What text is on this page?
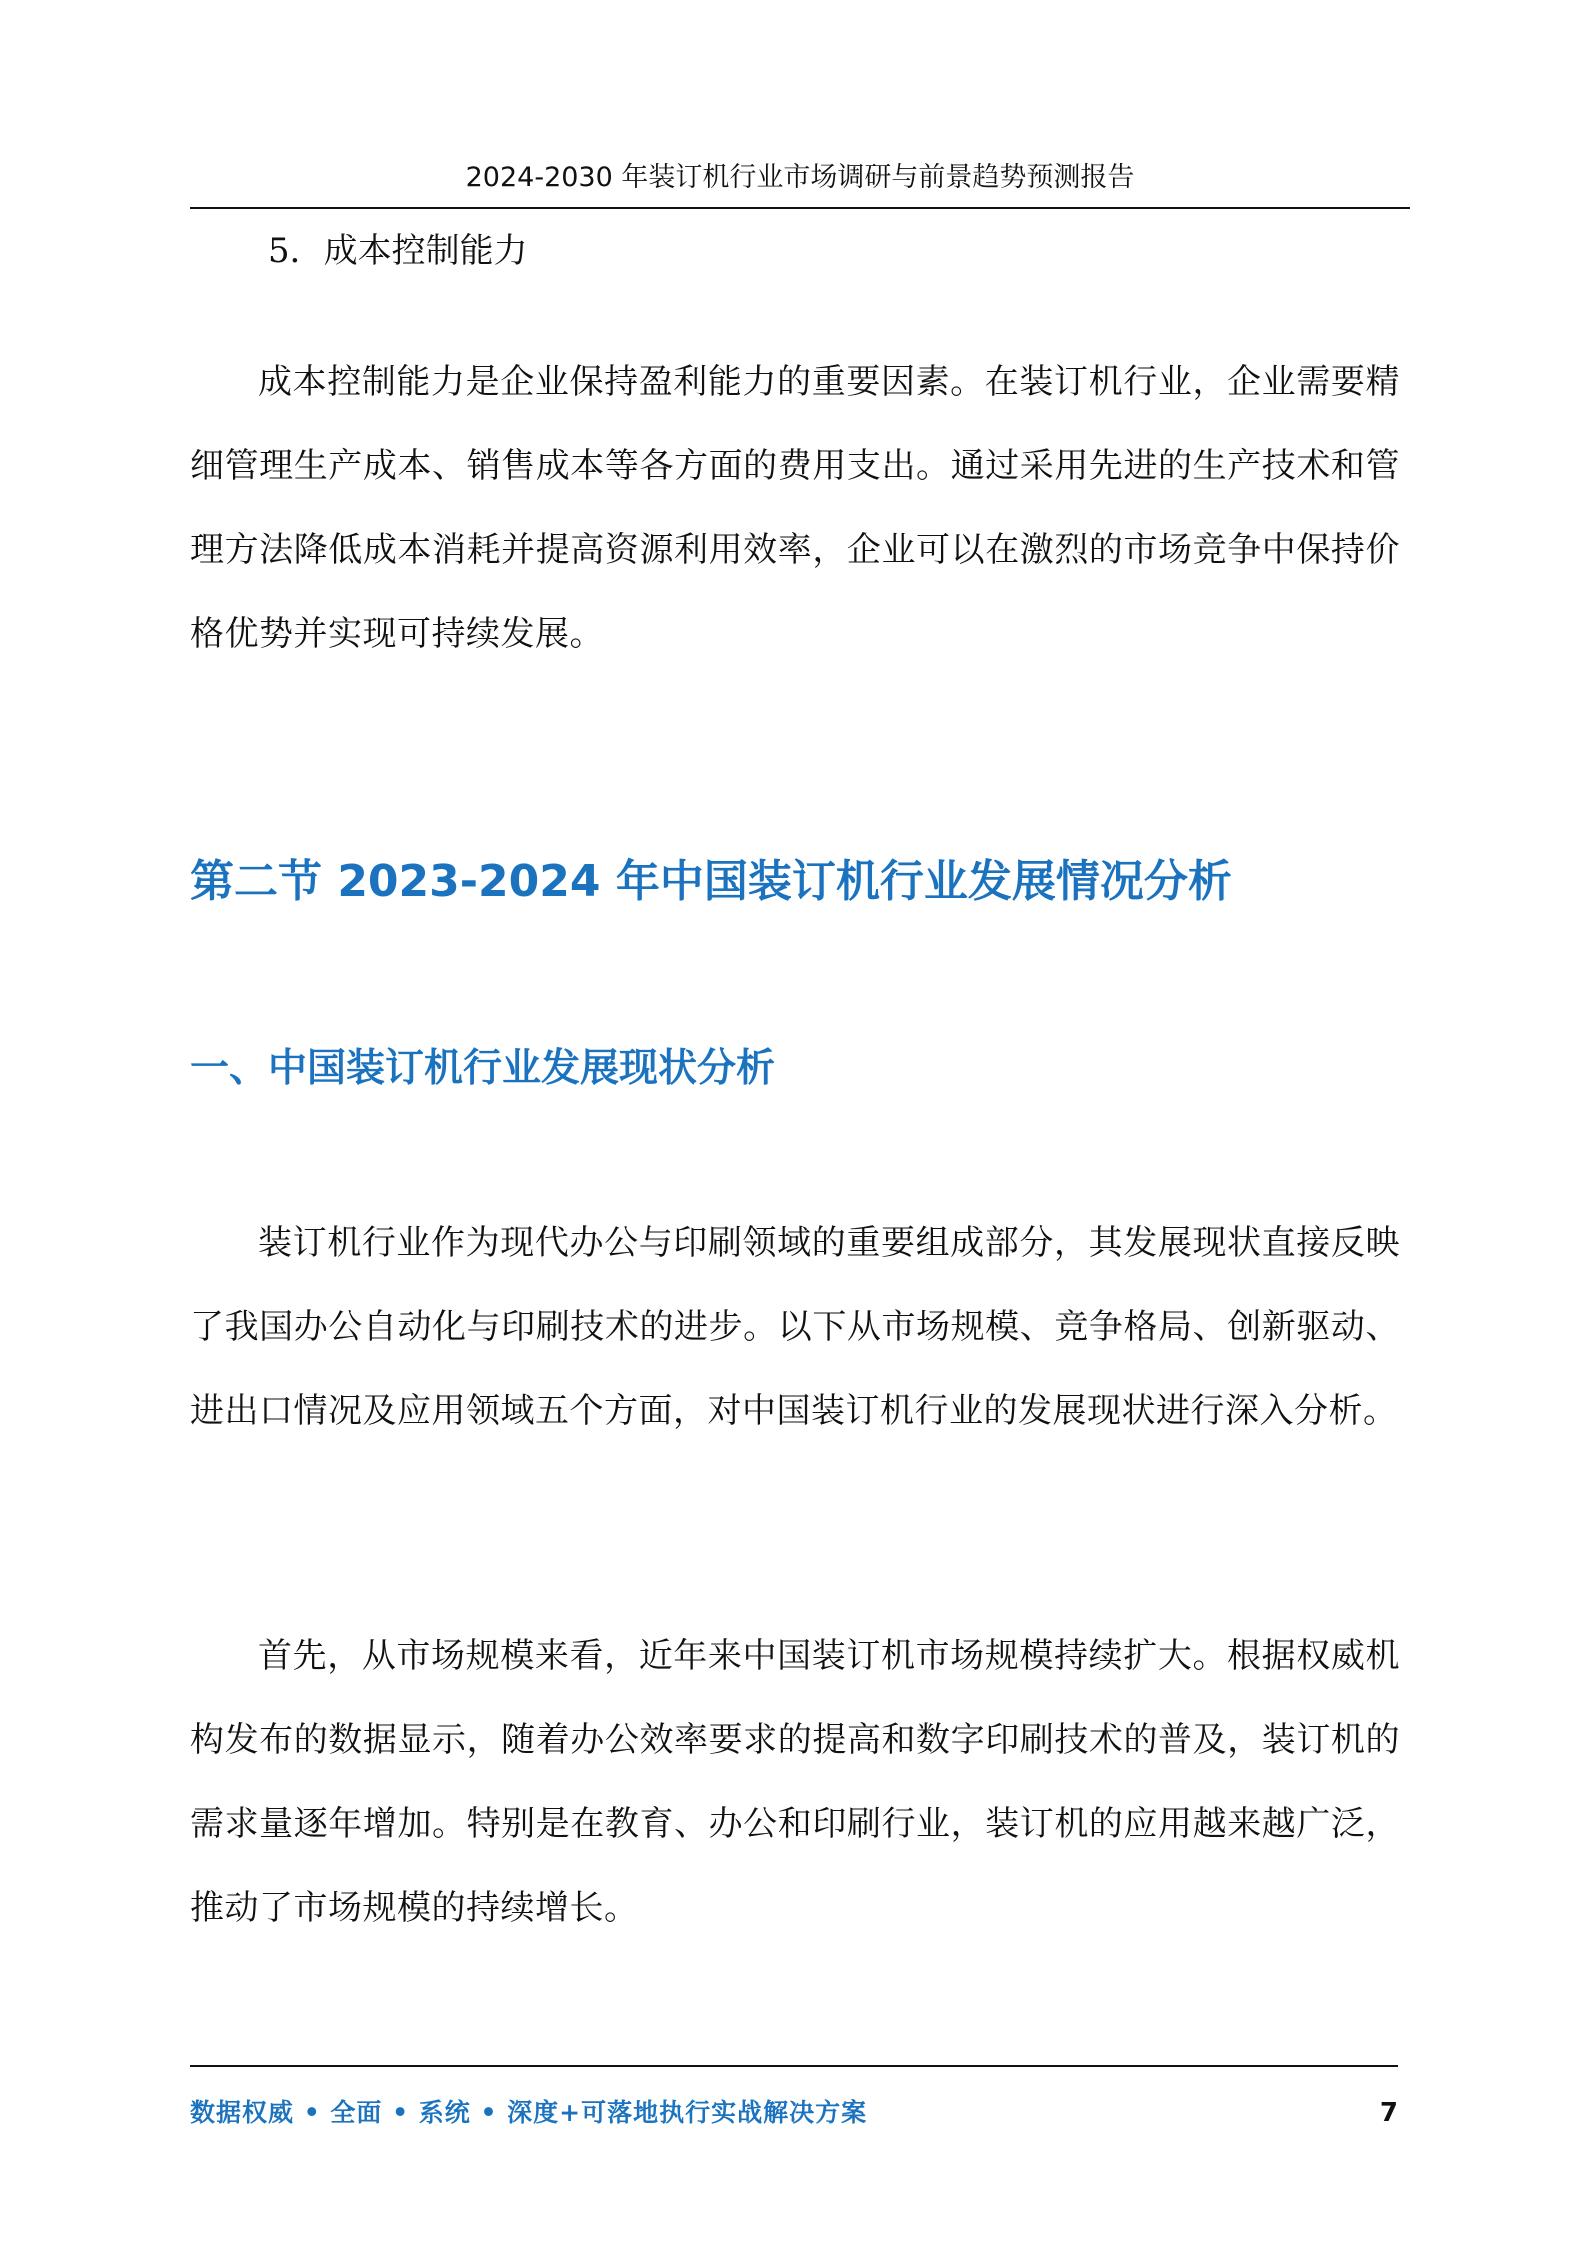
2024-2030 年装订机行业市场调研与前景趋势预测报告
5．成本控制能力

成本控制能力是企业保持盈利能力的重要因素。在装订机行业，企业需要精细管理生产成本、销售成本等各方面的费用支出。通过采用先进的生产技术和管理方法降低成本消耗并提高资源利用效率，企业可以在激烈的市场竞争中保持价格优势并实现可持续发展。

第二节 2023-2024 年中国装订机行业发展情况分析
一、中国装订机行业发展现状分析

装订机行业作为现代办公与印刷领域的重要组成部分，其发展现状直接反映了我国办公自动化与印刷技术的进步。以下从市场规模、竞争格局、创新驱动、进出口情况及应用领域五个方面，对中国装订机行业的发展现状进行深入分析。

首先，从市场规模来看，近年来中国装订机市场规模持续扩大。根据权威机构发布的数据显示，随着办公效率要求的提高和数字印刷技术的普及，装订机的需求量逐年增加。特别是在教育、办公和印刷行业，装订机的应用越来越广泛，推动了市场规模的持续增长。

数据权威 • 全面 • 系统 • 深度+可落地执行实战解决方案	7
